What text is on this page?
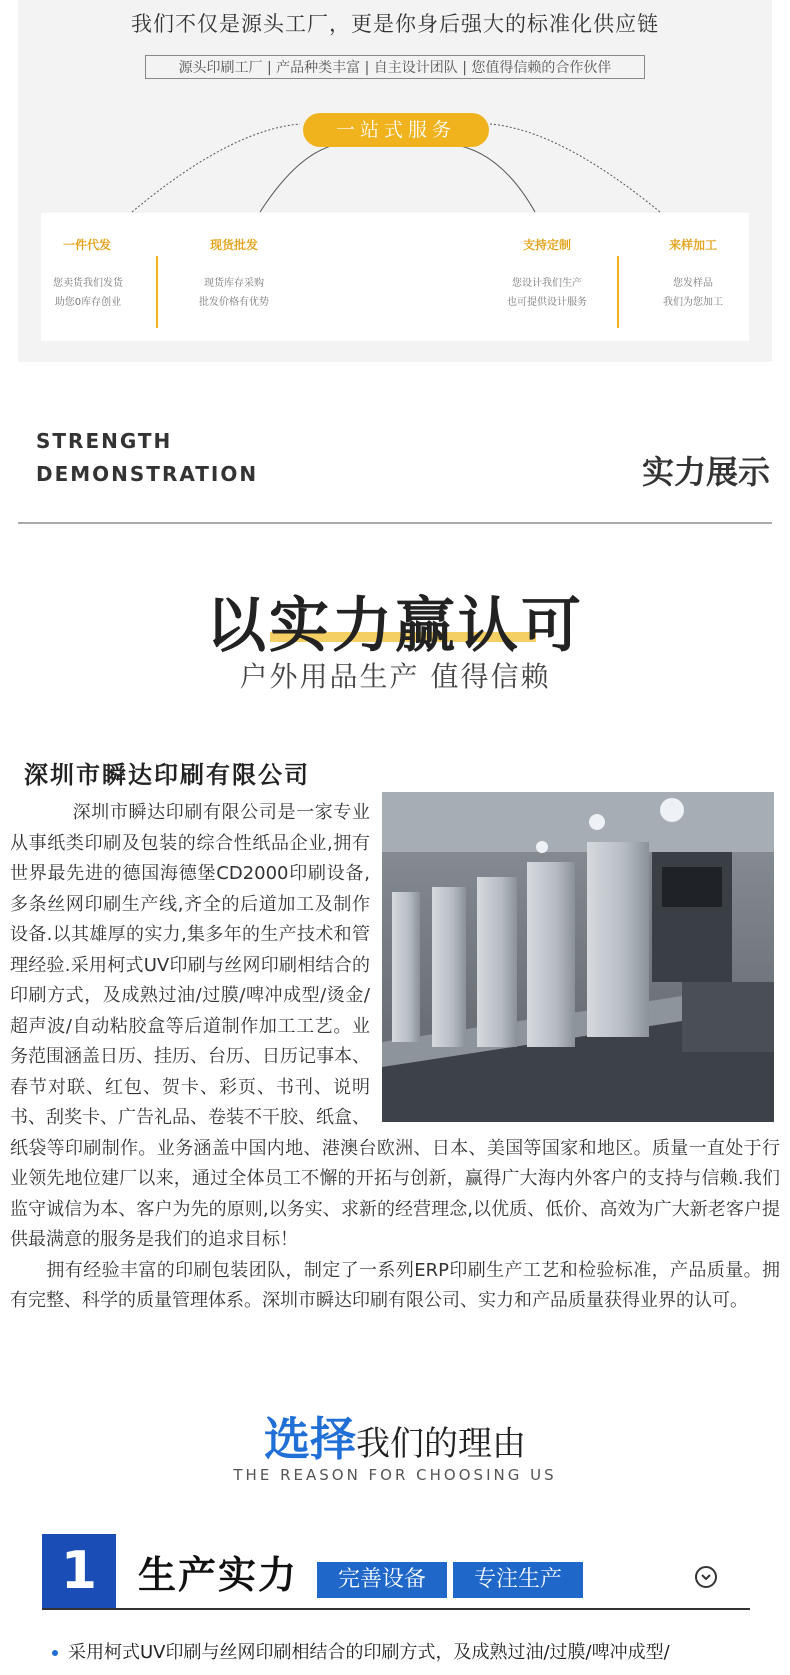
我们不仅是源头工厂，更是你身后强大的标准化供应链
源头印刷工厂 | 产品种类丰富 | 自主设计团队 | 您值得信赖的合作伙伴
一站式服务
一件代发
您卖货我们发货
助您0库存创业
现货批发
现货库存采购
批发价格有优势
支持定制
您设计我们生产
也可提供设计服务
来样加工
您发样品
我们为您加工
STRENGTH
DEMONSTRATION	实力展示
以实力赢认可
户外用品生产 值得信赖
深圳市瞬达印刷有限公司
深圳市瞬达印刷有限公司是一家专业从事纸类印刷及包装的综合性纸品企业,拥有世界最先进的德国海德堡CD2000印刷设备,多条丝网印刷生产线,齐全的后道加工及制作设备.以其雄厚的实力,集多年的生产技术和管理经验.采用柯式UV印刷与丝网印刷相结合的印刷方式，及成熟过油/过膜/啤冲成型/烫金/超声波/自动粘胶盒等后道制作加工工艺。业务范围涵盖日历、挂历、台历、日历记事本、春节对联、红包、贺卡、彩页、书刊、说明书、刮奖卡、广告礼品、卷装不干胶、纸盒、纸袋等印刷制作。业务涵盖中国内地、港澳台欧洲、日本、美国等国家和地区。质量一直处于行业领先地位建厂以来，通过全体员工不懈的开拓与创新，赢得广大海内外客户的支持与信赖.我们监守诚信为本、客户为先的原则,以务实、求新的经营理念,以优质、低价、高效为广大新老客户提供最满意的服务是我们的追求目标！
拥有经验丰富的印刷包装团队，制定了一系列ERP印刷生产工艺和检验标准，产品质量。拥有完整、科学的质量管理体系。深圳市瞬达印刷有限公司、实力和产品质量获得业界的认可。
选择我们的理由
THE REASON FOR CHOOSING US
1	生产实力	完善设备	专注生产
采用柯式UV印刷与丝网印刷相结合的印刷方式，及成熟过油/过膜/啤冲成型/
